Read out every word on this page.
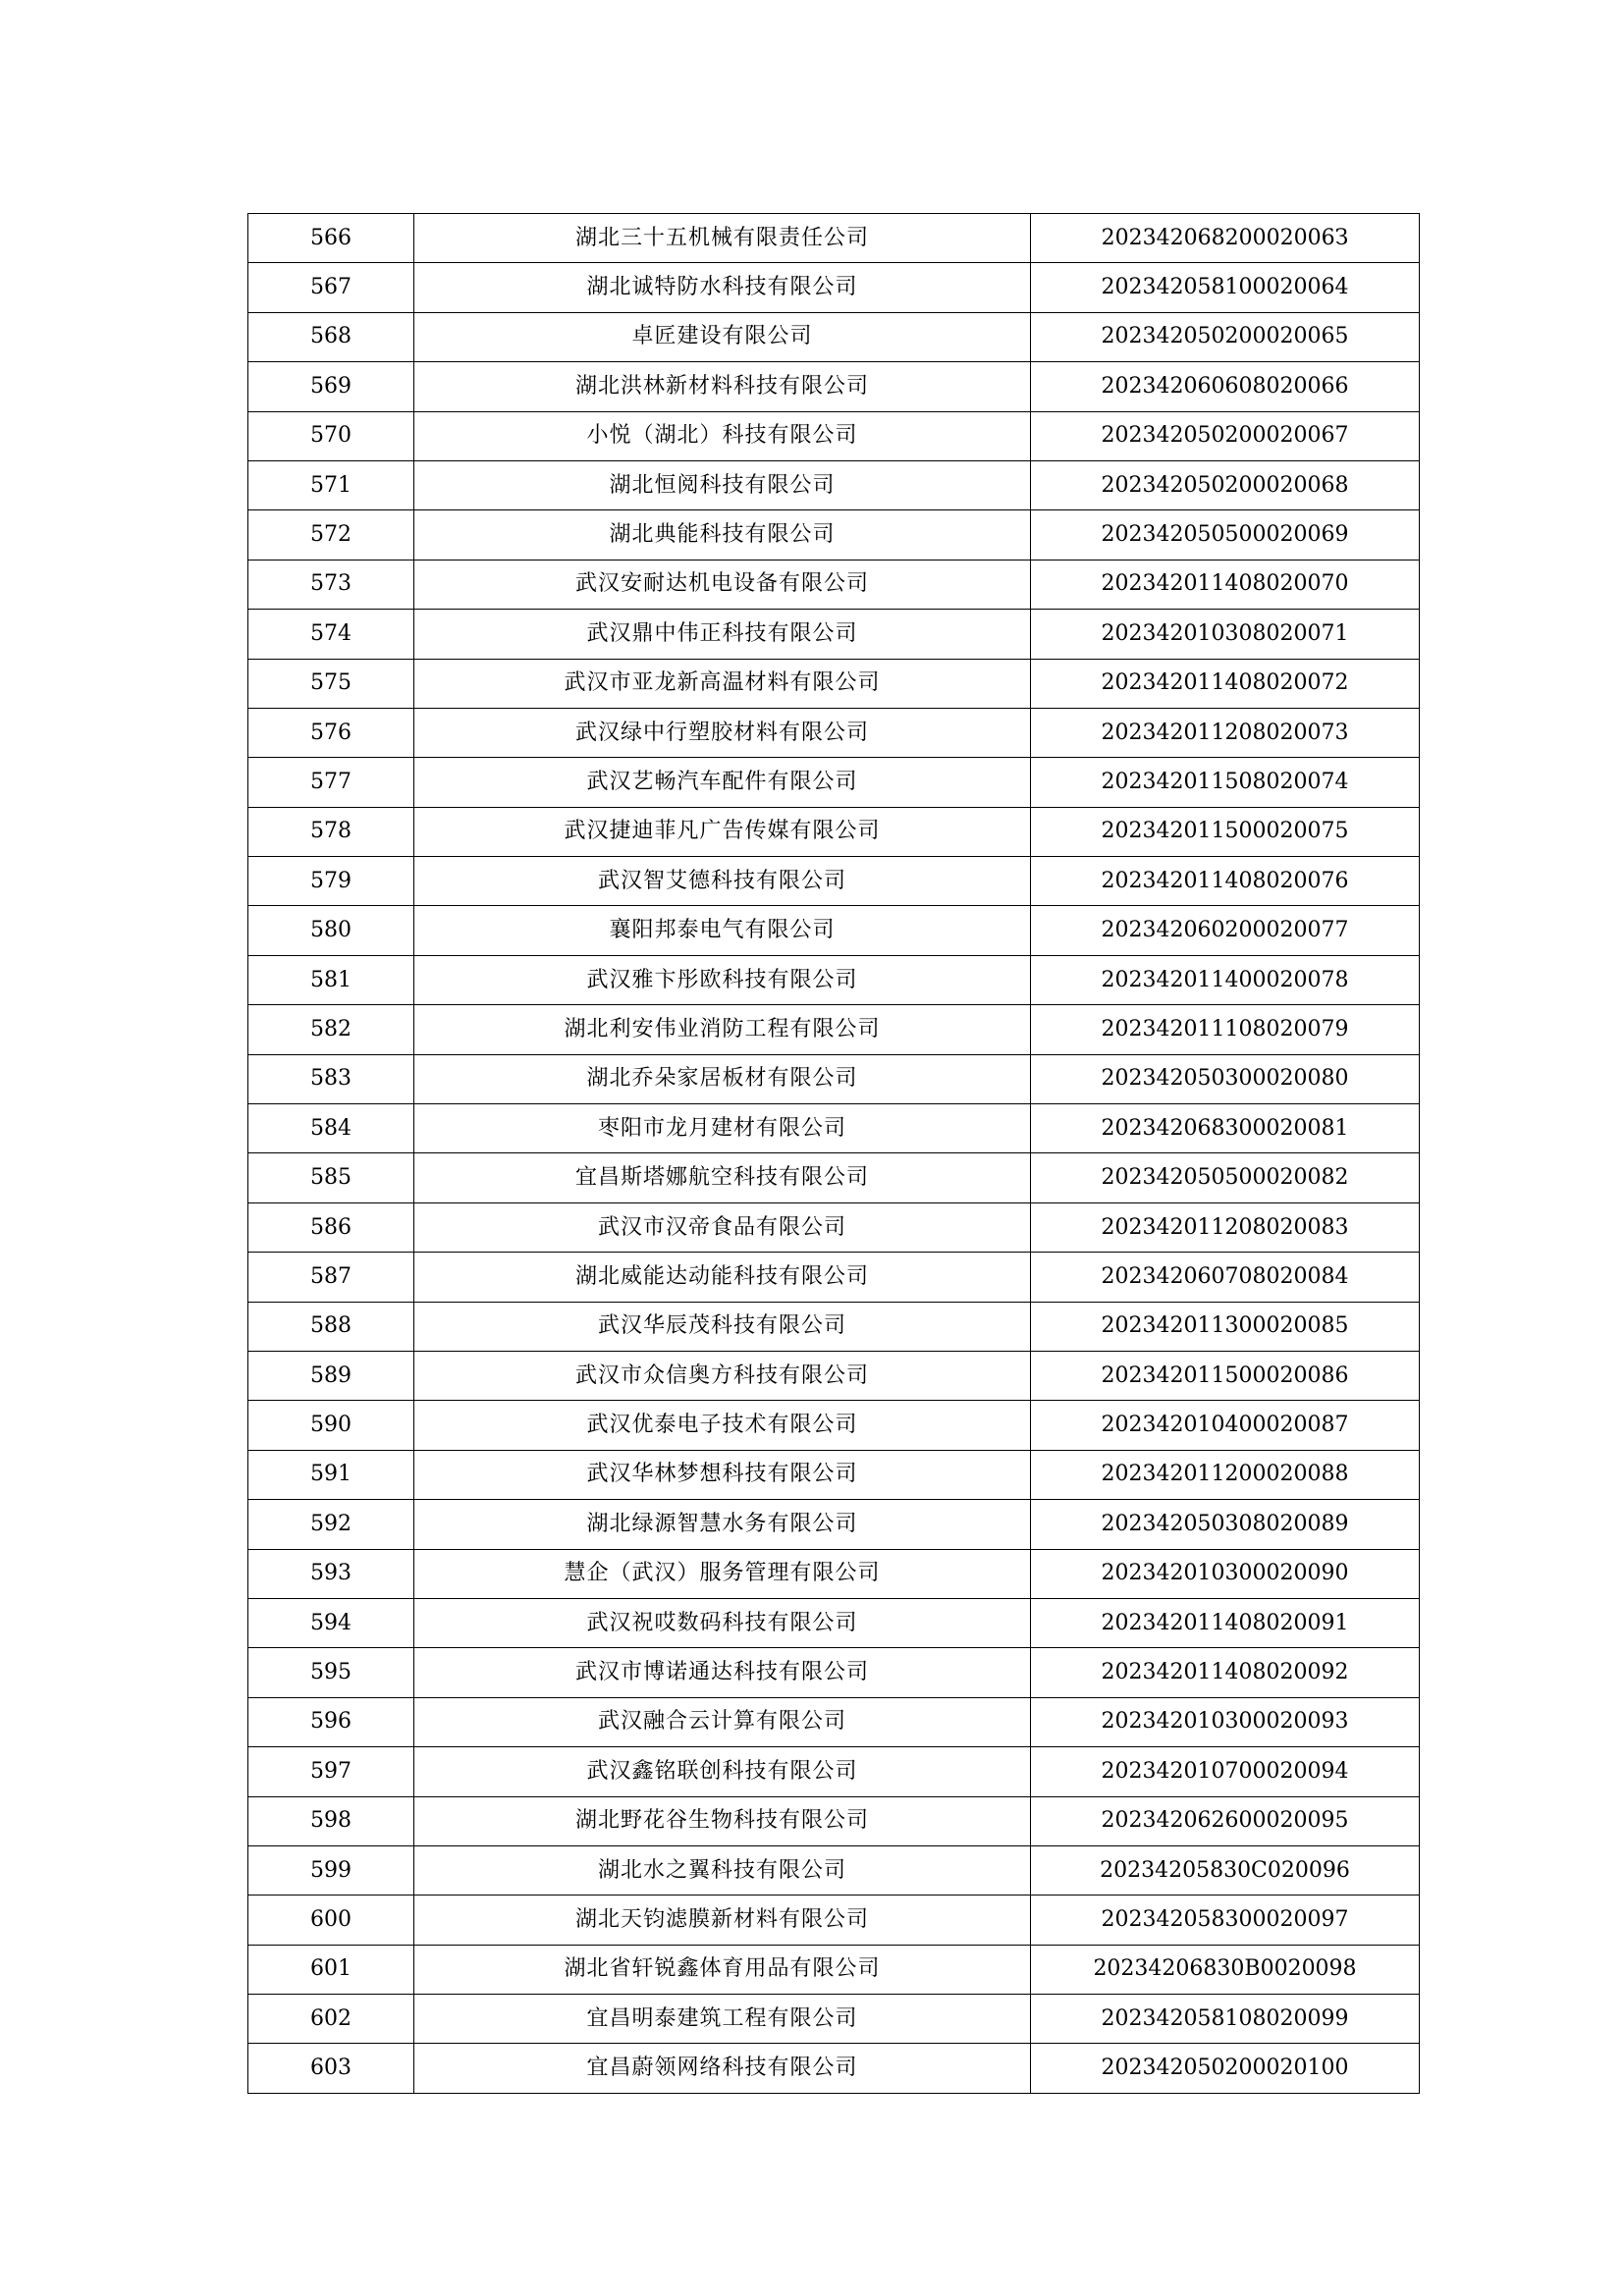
566	湖北三十五机械有限责任公司	20234206820002006З
567	湖北诚特防水科技有限公司	202342058100020064
568	卓匠建设有限公司	202342050200020065
569	湖北洪林新材料科技有限公司	202342060608020066
570	小悦（湖北）科技有限公司	202342050200020067
571	湖北恒阅科技有限公司	202342050200020068
572	湖北典能科技有限公司	202342050500020069
573	武汉安耐达机电设备有限公司	202342011408020070
574	武汉鼎中伟正科技有限公司	202342010308020071
575	武汉市亚龙新高温材料有限公司	202342011408020072
576	武汉绿中行塑胶材料有限公司	202342011208020073
577	武汉艺畅汽车配件有限公司	202342011508020074
578	武汉捷迪菲凡广告传媒有限公司	202342011500020075
579	武汉智艾德科技有限公司	202342011408020076
580	襄阳邦泰电气有限公司	202342060200020077
581	武汉雅卞彤欧科技有限公司	202342011400020078
582	湖北利安伟业消防工程有限公司	202342011108020079
583	湖北乔朵家居板材有限公司	202342050300020080
584	枣阳市龙月建材有限公司	202342068300020081
585	宜昌斯塔娜航空科技有限公司	202342050500020082
586	武汉市汉帝食品有限公司	202342011208020083
587	湖北威能达动能科技有限公司	202342060708020084
588	武汉华辰茂科技有限公司	202342011300020085
589	武汉市众信奥方科技有限公司	202342011500020086
590	武汉优泰电子技术有限公司	202342010400020087
591	武汉华林梦想科技有限公司	202342011200020088
592	湖北绿源智慧水务有限公司	202342050308020089
593	慧企（武汉）服务管理有限公司	202342010300020090
594	武汉祝哎数码科技有限公司	202342011408020091
595	武汉市博诺通达科技有限公司	202342011408020092
596	武汉融合云计算有限公司	202342010300020093
597	武汉鑫铭联创科技有限公司	202342010700020094
598	湖北野花谷生物科技有限公司	202342062600020095
599	湖北水之翼科技有限公司	20234205830C020096
600	湖北天钧滤膜新材料有限公司	202342058300020097
601	湖北省轩锐鑫体育用品有限公司	20234206830B0020098
602	宜昌明泰建筑工程有限公司	202342058108020099
603	宜昌蔚领网络科技有限公司	202342050200020100
